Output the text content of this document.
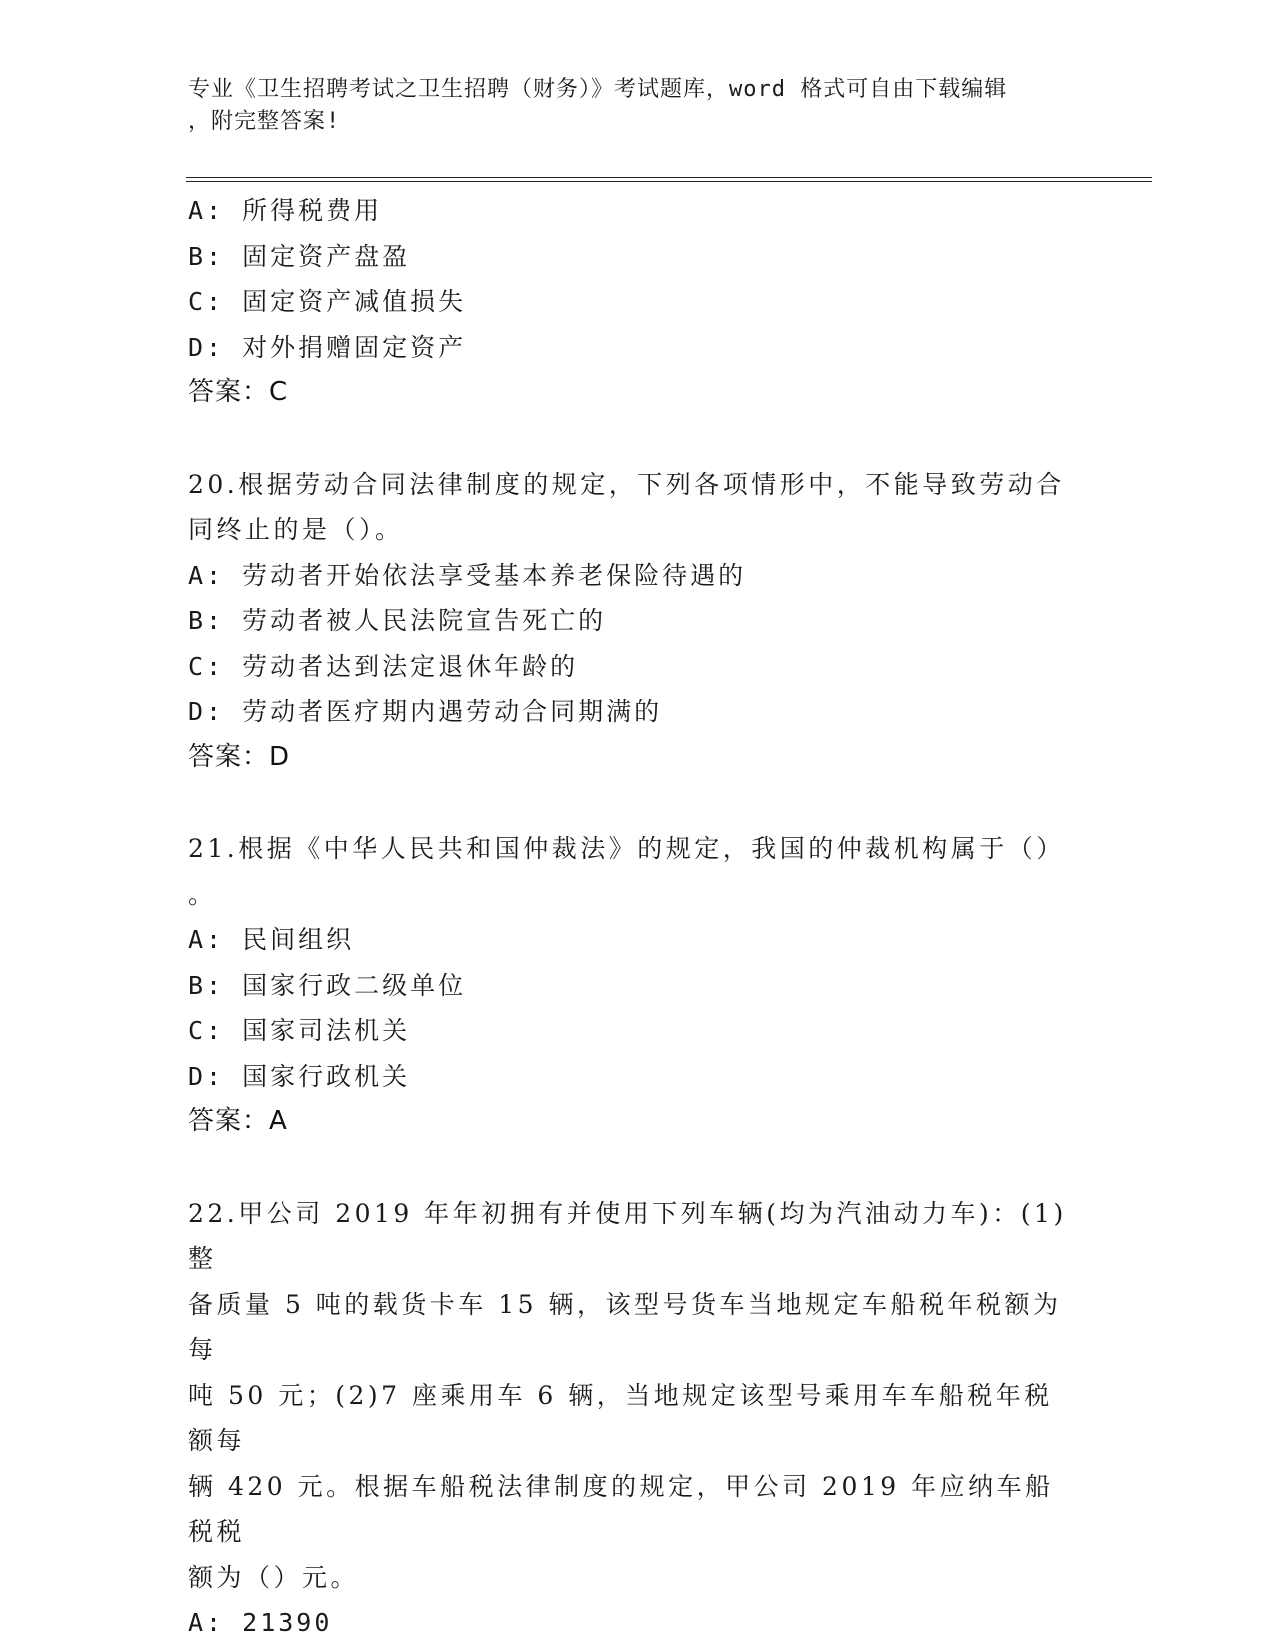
专业《卫生招聘考试之卫生招聘（财务）》考试题库，word 格式可自由下载编辑
，附完整答案!
A: 所得税费用
B: 固定资产盘盈
C: 固定资产减值损失
D: 对外捐赠固定资产
答案：C
20.根据劳动合同法律制度的规定，下列各项情形中，不能导致劳动合
同终止的是（）。
A: 劳动者开始依法享受基本养老保险待遇的
B: 劳动者被人民法院宣告死亡的
C: 劳动者达到法定退休年龄的
D: 劳动者医疗期内遇劳动合同期满的
答案：D
21.根据《中华人民共和国仲裁法》的规定，我国的仲裁机构属于（）
。
A: 民间组织
B: 国家行政二级单位
C: 国家司法机关
D: 国家行政机关
答案：A
22.甲公司 2019 年年初拥有并使用下列车辆(均为汽油动力车)：(1)整
备质量 5 吨的载货卡车 15 辆，该型号货车当地规定车船税年税额为每
吨 50 元；(2)7 座乘用车 6 辆，当地规定该型号乘用车车船税年税额每
辆 420 元。根据车船税法律制度的规定，甲公司 2019 年应纳车船税税
额为（）元。
A: 21390
